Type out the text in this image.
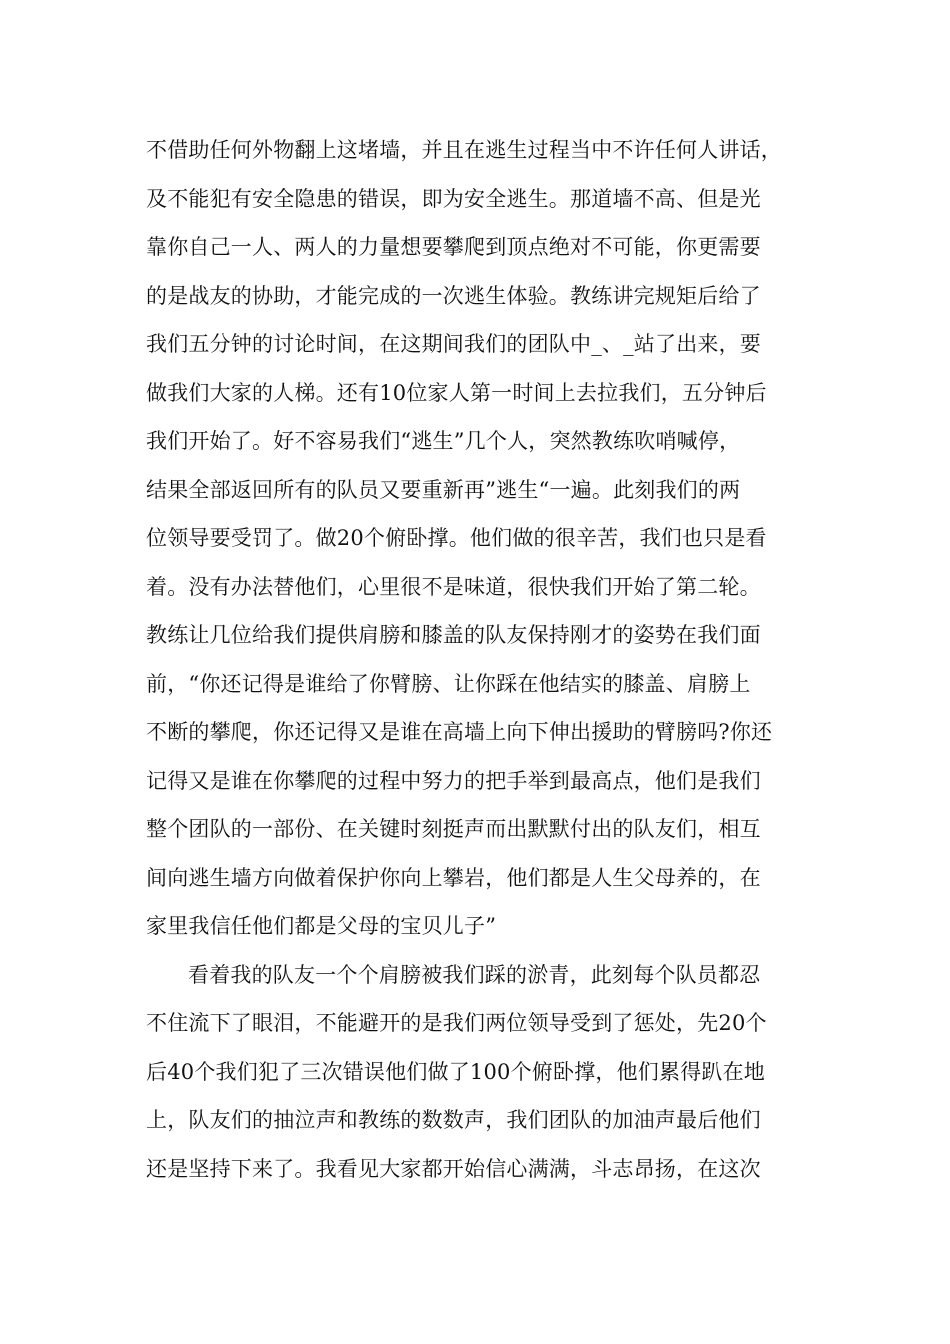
不借助任何外物翻上这堵墙，并且在逃生过程当中不许任何人讲话，
及不能犯有安全隐患的错误，即为安全逃生。那道墙不高、但是光
靠你自己一人、两人的力量想要攀爬到顶点绝对不可能，你更需要
的是战友的协助，才能完成的一次逃生体验。教练讲完规矩后给了
我们五分钟的讨论时间，在这期间我们的团队中_、_站了出来，要
做我们大家的人梯。还有10位家人第一时间上去拉我们，五分钟后
我们开始了。好不容易我们“逃生”几个人，突然教练吹哨喊停，
结果全部返回所有的队员又要重新再”逃生“一遍。此刻我们的两
位领导要受罚了。做20个俯卧撑。他们做的很辛苦，我们也只是看
着。没有办法替他们，心里很不是味道，很快我们开始了第二轮。
教练让几位给我们提供肩膀和膝盖的队友保持刚才的姿势在我们面
前，“你还记得是谁给了你臂膀、让你踩在他结实的膝盖、肩膀上
不断的攀爬，你还记得又是谁在高墙上向下伸出援助的臂膀吗?你还
记得又是谁在你攀爬的过程中努力的把手举到最高点，他们是我们
整个团队的一部份、在关键时刻挺声而出默默付出的队友们，相互
间向逃生墙方向做着保护你向上攀岩，他们都是人生父母养的，在
家里我信任他们都是父母的宝贝儿子”
看着我的队友一个个肩膀被我们踩的淤青，此刻每个队员都忍
不住流下了眼泪，不能避开的是我们两位领导受到了惩处，先20个
后40个我们犯了三次错误他们做了100个俯卧撑，他们累得趴在地
上，队友们的抽泣声和教练的数数声，我们团队的加油声最后他们
还是坚持下来了。我看见大家都开始信心满满，斗志昂扬，在这次
